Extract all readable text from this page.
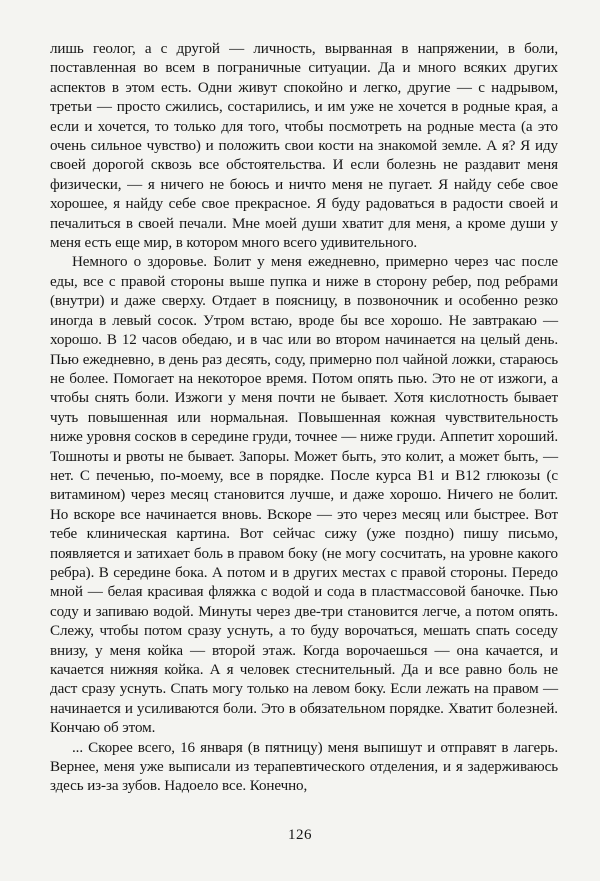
лишь геолог, а с другой — личность, вырванная в напряжении, в боли, поставленная во всем в пограничные ситуации. Да и много всяких других аспектов в этом есть. Одни живут спокойно и легко, другие — с надрывом, третьи — просто сжились, состарились, и им уже не хочется в родные края, а если и хочется, то только для того, чтобы посмотреть на родные места (а это очень сильное чувство) и положить свои кости на знакомой земле. А я? Я иду своей дорогой сквозь все обстоятельства. И если болезнь не раздавит меня физически, — я ничего не боюсь и ничто меня не пугает. Я найду себе свое хорошее, я найду себе свое прекрасное. Я буду радоваться в радости своей и печалиться в своей печали. Мне моей души хватит для меня, а кроме души у меня есть еще мир, в котором много всего удивительного.

Немного о здоровье. Болит у меня ежедневно, примерно через час после еды, все с правой стороны выше пупка и ниже в сторону ребер, под ребрами (внутри) и даже сверху. Отдает в поясницу, в позвоночник и особенно резко иногда в левый сосок. Утром встаю, вроде бы все хорошо. Не завтракаю — хорошо. В 12 часов обедаю, и в час или во втором начинается на целый день. Пью ежедневно, в день раз десять, соду, примерно пол чайной ложки, стараюсь не более. Помогает на некоторое время. Потом опять пью. Это не от изжоги, а чтобы снять боли. Изжоги у меня почти не бывает. Хотя кислотность бывает чуть повышенная или нормальная. Повышенная кожная чувствительность ниже уровня сосков в середине груди, точнее — ниже груди. Аппетит хороший. Тошноты и рвоты не бывает. Запоры. Может быть, это колит, а может быть, — нет. С печенью, по-моему, все в порядке. После курса В1 и В12 глюкозы (с витамином) через месяц становится лучше, и даже хорошо. Ничего не болит. Но вскоре все начинается вновь. Вскоре — это через месяц или быстрее. Вот тебе клиническая картина. Вот сейчас сижу (уже поздно) пишу письмо, появляется и затихает боль в правом боку (не могу сосчитать, на уровне какого ребра). В середине бока. А потом и в других местах с правой стороны. Передо мной — белая красивая фляжка с водой и сода в пластмассовой баночке. Пью соду и запиваю водой. Минуты через две-три становится легче, а потом опять. Слежу, чтобы потом сразу уснуть, а то буду ворочаться, мешать спать соседу внизу, у меня койка — второй этаж. Когда ворочаешься — она качается, и качается нижняя койка. А я человек стеснительный. Да и все равно боль не даст сразу уснуть. Спать могу только на левом боку. Если лежать на правом — начинается и усиливаются боли. Это в обязательном порядке. Хватит болезней. Кончаю об этом.

... Скорее всего, 16 января (в пятницу) меня выпишут и отправят в лагерь. Вернее, меня уже выписали из терапевтического отделения, и я задерживаюсь здесь из-за зубов. Надоело все. Конечно,

126
